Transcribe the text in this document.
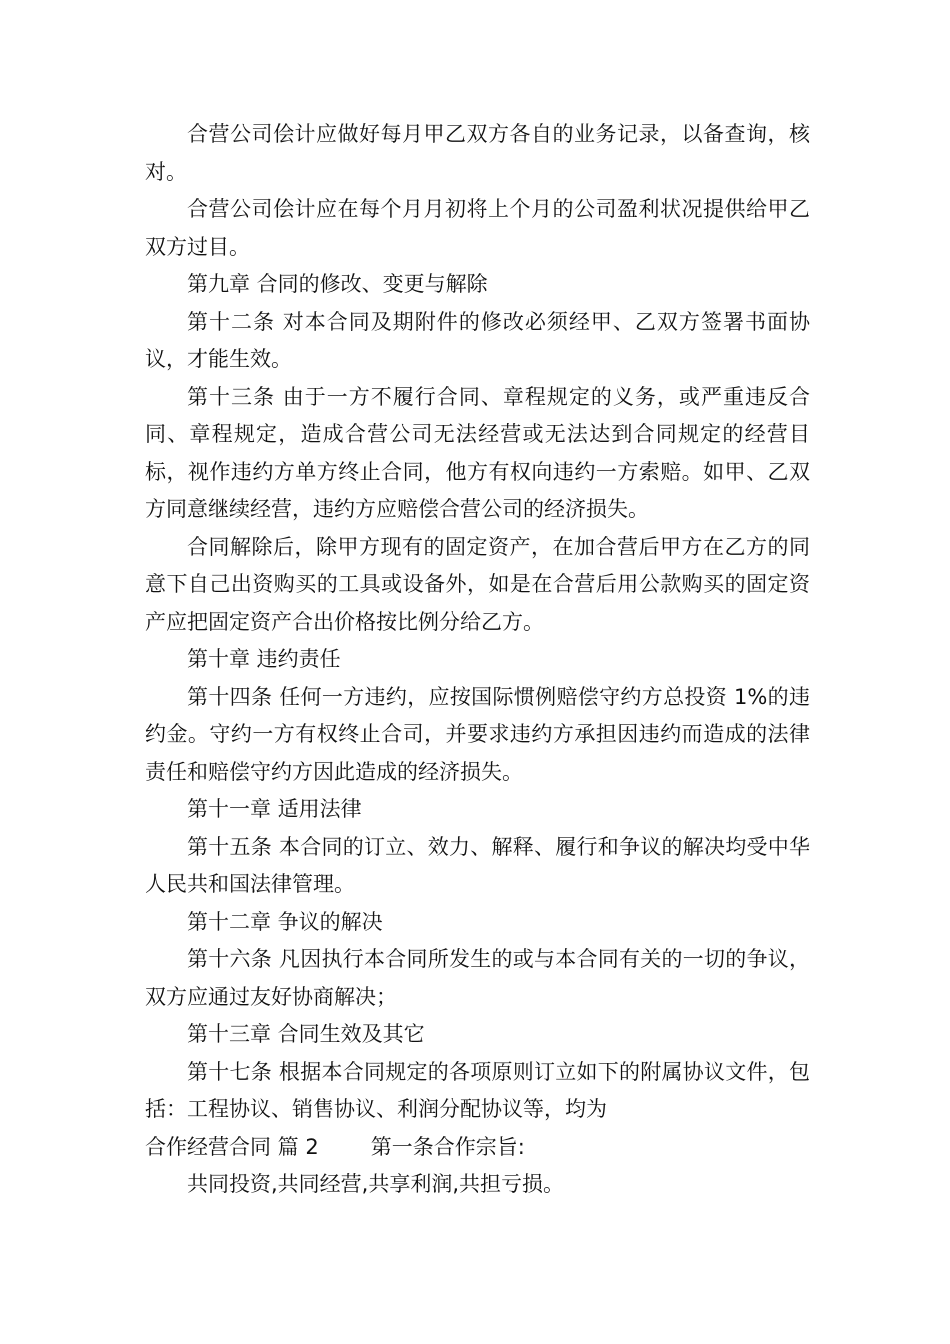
合营公司侩计应做好每月甲乙双方各自的业务记录，以备查询，核对。

合营公司侩计应在每个月月初将上个月的公司盈利状况提供给甲乙双方过目。

第九章 合同的修改、变更与解除

第十二条 对本合同及期附件的修改必须经甲、乙双方签署书面协议，才能生效。

第十三条 由于一方不履行合同、章程规定的义务，或严重违反合同、章程规定，造成合营公司无法经营或无法达到合同规定的经营目标，视作违约方单方终止合同，他方有权向违约一方索赔。如甲、乙双方同意继续经营，违约方应赔偿合营公司的经济损失。

合同解除后，除甲方现有的固定资产，在加合营后甲方在乙方的同意下自己出资购买的工具或设备外，如是在合营后用公款购买的固定资产应把固定资产合出价格按比例分给乙方。

第十章 违约责任

第十四条 任何一方违约，应按国际惯例赔偿守约方总投资 1%的违约金。守约一方有权终止合司，并要求违约方承担因违约而造成的法律责任和赔偿守约方因此造成的经济损失。

第十一章 适用法律

第十五条 本合同的订立、效力、解释、履行和争议的解决均受中华人民共和国法律管理。

第十二章 争议的解决

第十六条 凡因执行本合同所发生的或与本合同有关的一切的争议，双方应通过友好协商解决；

第十三章 合同生效及其它

第十七条 根据本合同规定的各项原则订立如下的附属协议文件，包括：工程协议、销售协议、利润分配协议等，均为

合作经营合同 篇 2 第一条合作宗旨:

共同投资,共同经营,共享利润,共担亏损。
